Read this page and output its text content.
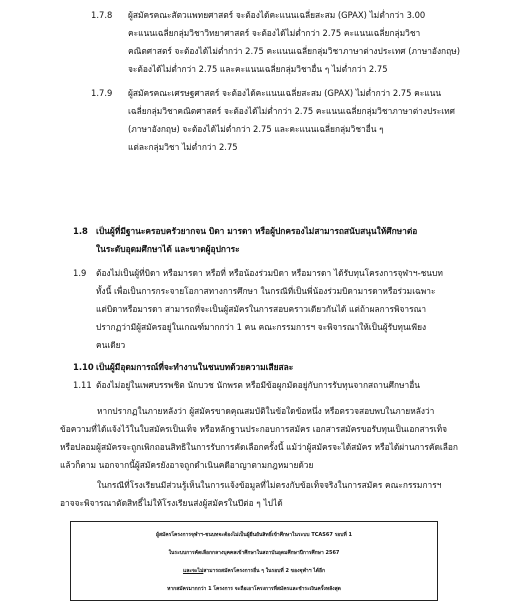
1.7.8 ผู้สมัครคณะสัตวแพทยศาสตร์ จะต้องได้คะแนนเฉลี่ยสะสม (GPAX) ไม่ต่ำกว่า 3.00
คะแนนเฉลี่ยกลุ่มวิชาวิทยาศาสตร์ จะต้องได้ไม่ต่ำกว่า 2.75 คะแนนเฉลี่ยกลุ่มวิชา
คณิตศาสตร์ จะต้องได้ไม่ต่ำกว่า 2.75 คะแนนเฉลี่ยกลุ่มวิชาภาษาต่างประเทศ (ภาษาอังกฤษ)
จะต้องได้ไม่ต่ำกว่า 2.75 และคะแนนเฉลี่ยกลุ่มวิชาอื่น ๆ ไม่ต่ำกว่า 2.75
1.7.9 ผู้สมัครคณะเศรษฐศาสตร์ จะต้องได้คะแนนเฉลี่ยสะสม (GPAX) ไม่ต่ำกว่า 2.75 คะแนน
เฉลี่ยกลุ่มวิชาคณิตศาสตร์ จะต้องได้ไม่ต่ำกว่า 2.75 คะแนนเฉลี่ยกลุ่มวิชาภาษาต่างประเทศ
(ภาษาอังกฤษ) จะต้องได้ไม่ต่ำกว่า 2.75 และคะแนนเฉลี่ยกลุ่มวิชาอื่น ๆ
แต่ละกลุ่มวิชา ไม่ต่ำกว่า 2.75
1.8 เป็นผู้ที่มีฐานะครอบครัวยากจน บิดา มารดา หรือผู้ปกครองไม่สามารถสนับสนุนให้ศึกษาต่อ
ในระดับอุดมศึกษาได้ และขาดผู้อุปการะ
1.9 ต้องไม่เป็นผู้ที่บิดา หรือมารดา หรือที่ หรือน้องร่วมบิดา หรือมารดา ได้รับทุนโครงการจุฬาฯ-ชนบท
ทั้งนี้ เพื่อเป็นการกระจายโอกาสทางการศึกษา ในกรณีที่เป็นพี่น้องร่วมบิดามารดาหรือร่วมเฉพาะ
แต่บิดาหรือมารดา สามารถที่จะเป็นผู้สมัครในการสอบคราวเดียวกันได้ แต่ถ้าผลการพิจารณา
ปรากฏว่ามีผู้สมัครอยู่ในเกณฑ์มากกว่า 1 คน คณะกรรมการฯ จะพิจารณาให้เป็นผู้รับทุนเพียง
คนเดียว
1.10 เป็นผู้มีอุดมการณ์ที่จะทำงานในชนบทด้วยความเสียสละ
1.11 ต้องไม่อยู่ในเพศบรรพชิต นักบวช นักพรต หรือมีข้อผูกมัดอยู่กับการรับทุนจากสถานศึกษาอื่น
หากปรากฏในภายหลังว่า ผู้สมัครขาดคุณสมบัติในข้อใดข้อหนึ่ง หรือตรวจสอบพบในภายหลังว่า
ข้อความที่ได้แจ้งไว้ในใบสมัครเป็นเท็จ หรือหลักฐานประกอบการสมัคร เอกสารสมัครขอรับทุนเป็นเอกสารเท็จ
หรือปลอมผู้สมัครจะถูกเพิกถอนสิทธิในการรับการคัดเลือกครั้งนี้ แม้ว่าผู้สมัครจะได้สมัคร หรือได้ผ่านการคัดเลือก
แล้วก็ตาม นอกจากนี้ผู้สมัครยังอาจถูกดำเนินคดีอาญาตามกฎหมายด้วย
ในกรณีที่โรงเรียนมีส่วนรู้เห็นในการแจ้งข้อมูลที่ไม่ตรงกับข้อเท็จจริงในการสมัคร คณะกรรมการฯ
อาจจะพิจารณาตัดสิทธิ์ไม่ให้โรงเรียนส่งผู้สมัครในปีต่อ ๆ ไปได้
ผู้สมัครโครงการจุฬาฯ-ชนบทจะต้องไม่เป็นผู้ยืนยันสิทธิ์เข้าศึกษาในระบบ TCAS67 รอบที่ 1
ในระบบการคัดเลือกกลางบุคคลเข้าศึกษาในสถาบันอุดมศึกษาปีการศึกษา 2567
และจะไม่สามารถสมัครโครงการอื่น ๆ ในรอบที่ 2 ของจุฬาฯ ได้อีก
หากสมัครมากกว่า 1 โครงการ จะถือเอาโครงการที่สมัครและชำระเงินครั้งหลังสุด
